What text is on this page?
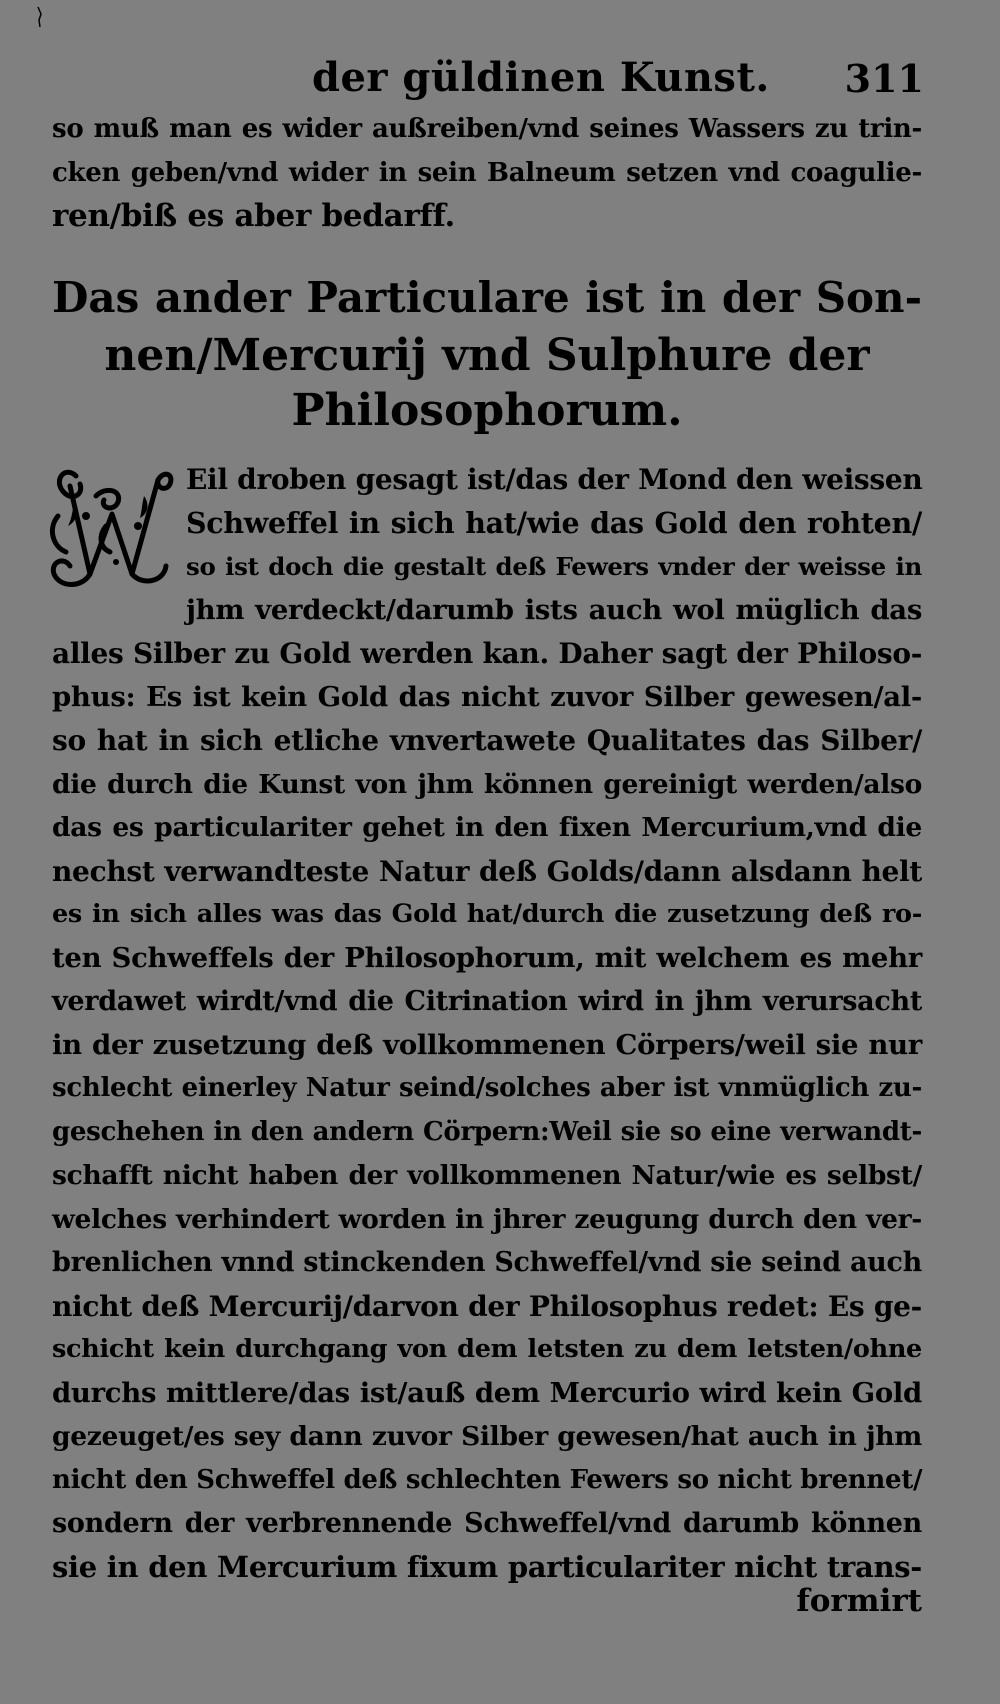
der güldinen Kunst. 311
so muß man es wider außreiben/vnd seines Wassers zu trin-
cken geben/vnd wider in sein Balneum setzen vnd coagulie-
ren/biß es aber bedarff.
Das ander Particulare ist in der Son-
nen/Mercurij vnd Sulphure der
Philosophorum.
Eil droben gesagt ist/das der Mond den weissen
Schweffel in sich hat/wie das Gold den rohten/
so ist doch die gestalt deß Fewers vnder der weisse in
jhm verdeckt/darumb ists auch wol müglich das
alles Silber zu Gold werden kan. Daher sagt der Philoso-
phus: Es ist kein Gold das nicht zuvor Silber gewesen/al-
so hat in sich etliche vnvertawete Qualitates das Silber/
die durch die Kunst von jhm können gereinigt werden/also
das es particulariter gehet in den fixen Mercurium,vnd die
nechst verwandteste Natur deß Golds/dann alsdann helt
es in sich alles was das Gold hat/durch die zusetzung deß ro-
ten Schweffels der Philosophorum, mit welchem es mehr
verdawet wirdt/vnd die Citrination wird in jhm verursacht
in der zusetzung deß vollkommenen Cörpers/weil sie nur
schlecht einerley Natur seind/solches aber ist vnmüglich zu-
geschehen in den andern Cörpern:Weil sie so eine verwandt-
schafft nicht haben der vollkommenen Natur/wie es selbst/
welches verhindert worden in jhrer zeugung durch den ver-
brenlichen vnnd stinckenden Schweffel/vnd sie seind auch
nicht deß Mercurij/darvon der Philosophus redet: Es ge-
schicht kein durchgang von dem letsten zu dem letsten/ohne
durchs mittlere/das ist/auß dem Mercurio wird kein Gold
gezeuget/es sey dann zuvor Silber gewesen/hat auch in jhm
nicht den Schweffel deß schlechten Fewers so nicht brennet/
sondern der verbrennende Schweffel/vnd darumb können
sie in den Mercurium fixum particulariter nicht trans-
formirt
